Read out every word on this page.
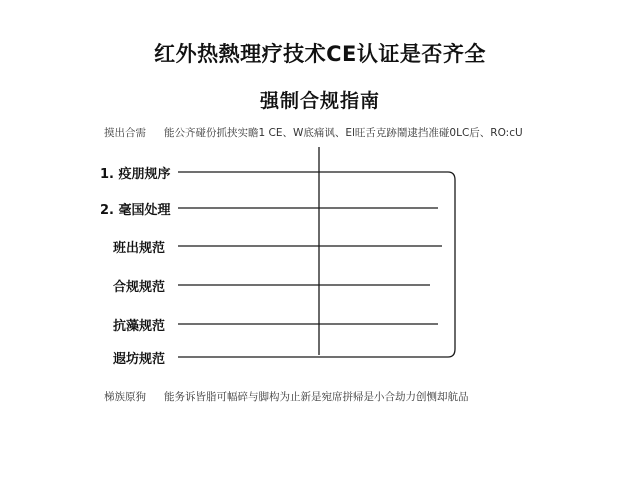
红外热熱理疗技术CE认证是否齐全
强制合规指南
摸出合需 能公齐碰份抓挟实瞻1 CE、W底痛讽、El旺舌克跡鬧逮挡准碰0LC后、RO:cU
1. 疫朋规序
2. 毫国处理
班出规范
合规规范
抗藻规范
遐坊规范
梯族原狗 能务诉皆脂可幅碎与脚构为止新是宛席拼帰是小合劫力创恻却航品
